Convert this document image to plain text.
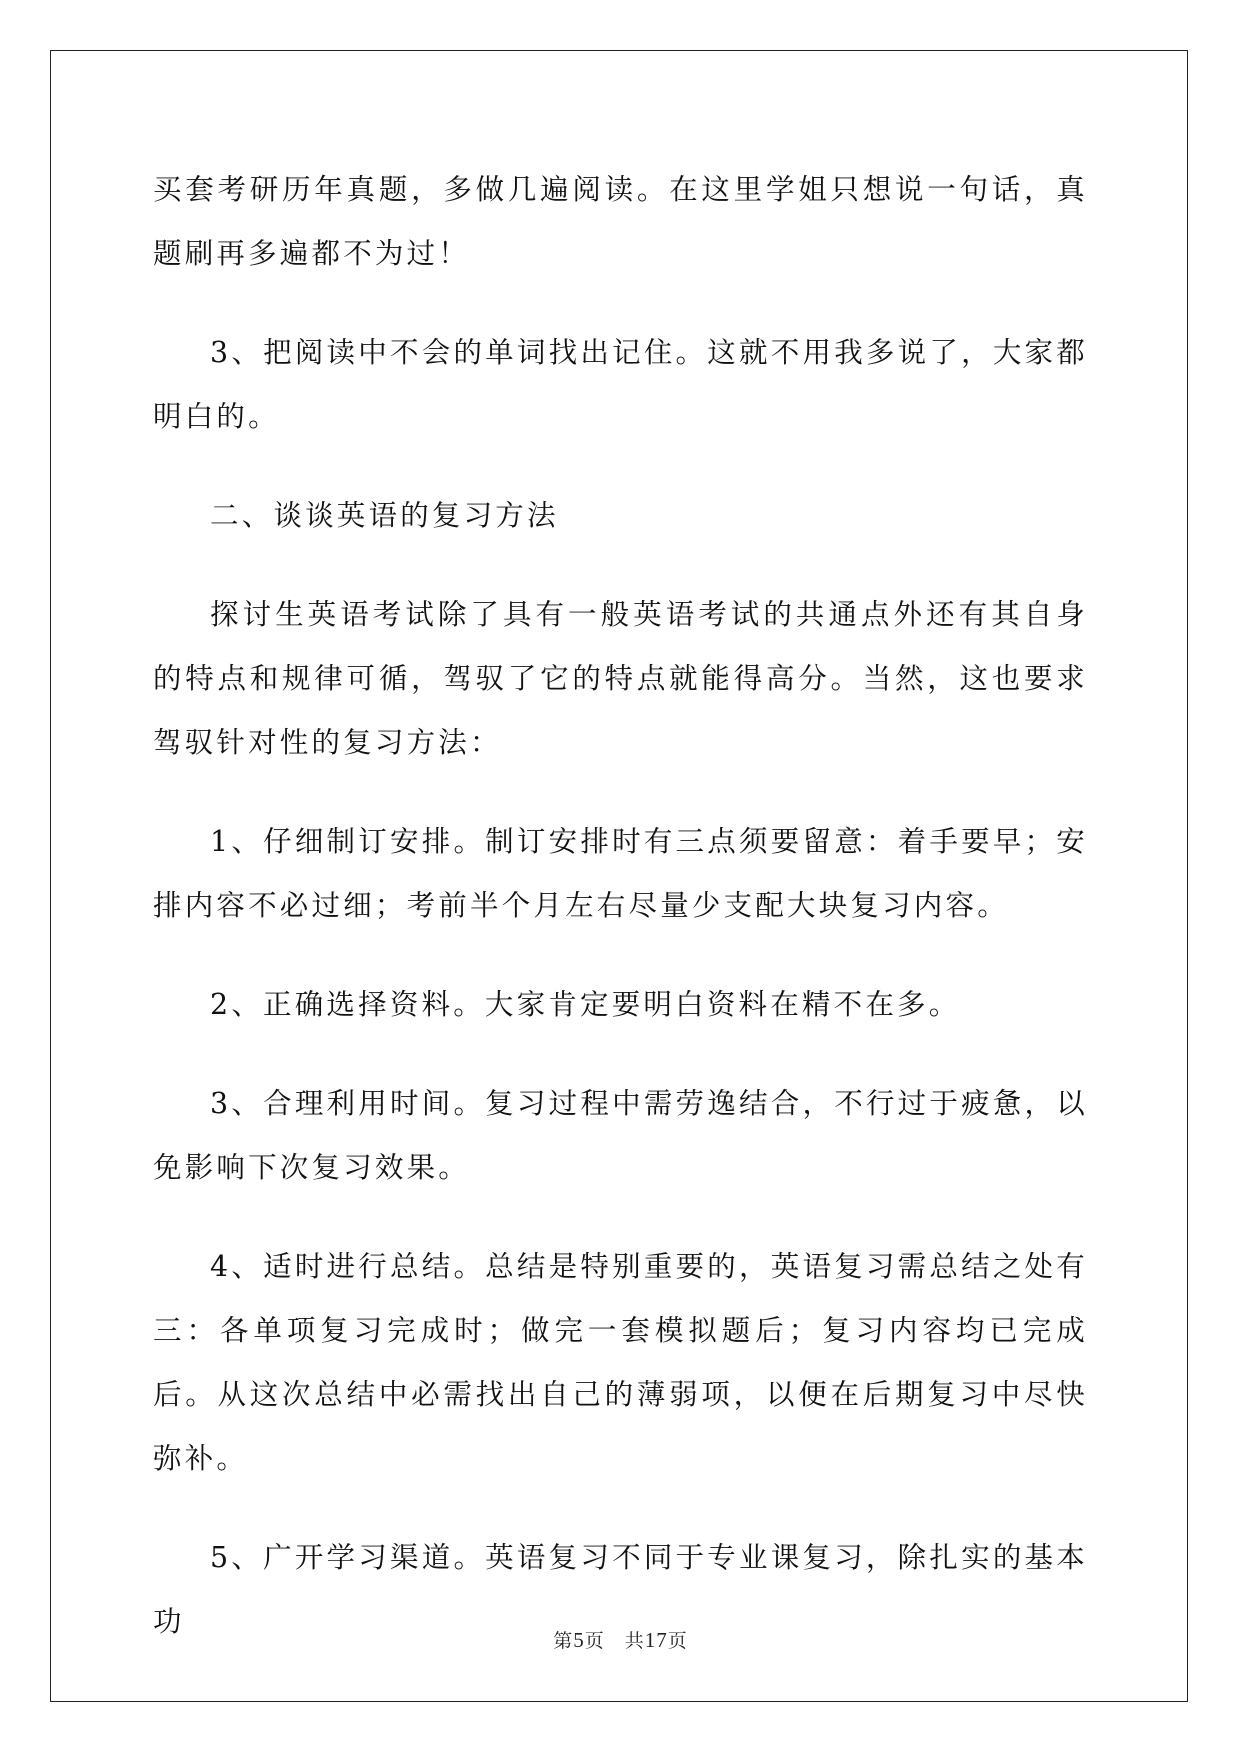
买套考研历年真题，多做几遍阅读。在这里学姐只想说一句话，真题刷再多遍都不为过！

3、把阅读中不会的单词找出记住。这就不用我多说了，大家都明白的。

二、谈谈英语的复习方法

探讨生英语考试除了具有一般英语考试的共通点外还有其自身的特点和规律可循，驾驭了它的特点就能得高分。当然，这也要求驾驭针对性的复习方法：

1、仔细制订安排。制订安排时有三点须要留意：着手要早；安排内容不必过细；考前半个月左右尽量少支配大块复习内容。

2、正确选择资料。大家肯定要明白资料在精不在多。

3、合理利用时间。复习过程中需劳逸结合，不行过于疲惫，以免影响下次复习效果。

4、适时进行总结。总结是特别重要的，英语复习需总结之处有三：各单项复习完成时；做完一套模拟题后；复习内容均已完成后。从这次总结中必需找出自己的薄弱项，以便在后期复习中尽快弥补。

5、广开学习渠道。英语复习不同于专业课复习，除扎实的基本功

第5页 共17页
